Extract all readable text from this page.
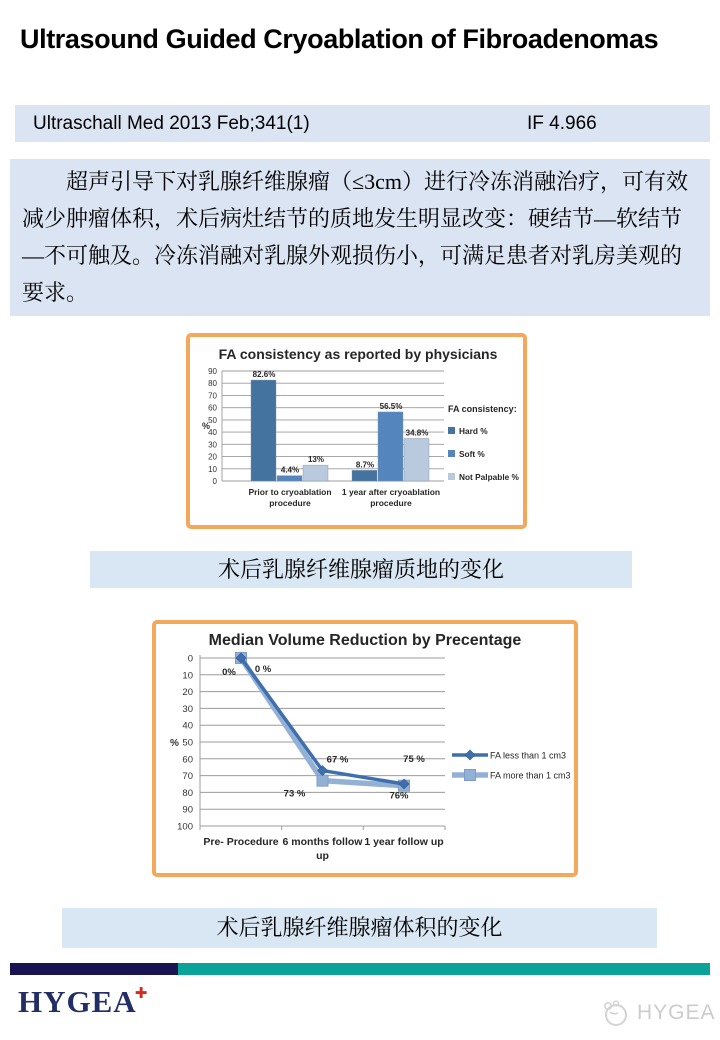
Ultrasound Guided Cryoablation of Fibroadenomas
Ultraschall Med 2013 Feb;341(1)	IF 4.966

超声引导下对乳腺纤维腺瘤（≤3cm）进行冷冻消融治疗，可有效减少肿瘤体积，术后病灶结节的质地发生明显改变：硬结节—软结节—不可触及。冷冻消融对乳腺外观损伤小，可满足患者对乳房美观的要求。

0
10
20
30
40
50
60
70
80
90
%
FA consistency as reported by physicians
82.6%
8.7%
4.4%
56.5%
13%
34.8%
Prior to cryoablation
procedure
1 year after cryoablation
procedure
FA consistency:
Hard %
Soft %
Not Palpable %
术后乳腺纤维腺瘤质地的变化
0
10
20
30
40
50
60
70
80
90
100
%
Median Volume Reduction by Precentage
0 %
73 %	76%
0%
67 %	75 %
Pre- Procedure 6 months follow
up
1 year follow up
FA less than 1 cm3
FA more than 1 cm3
术后乳腺纤维腺瘤体积的变化
HYGEA✚
HYGEA
